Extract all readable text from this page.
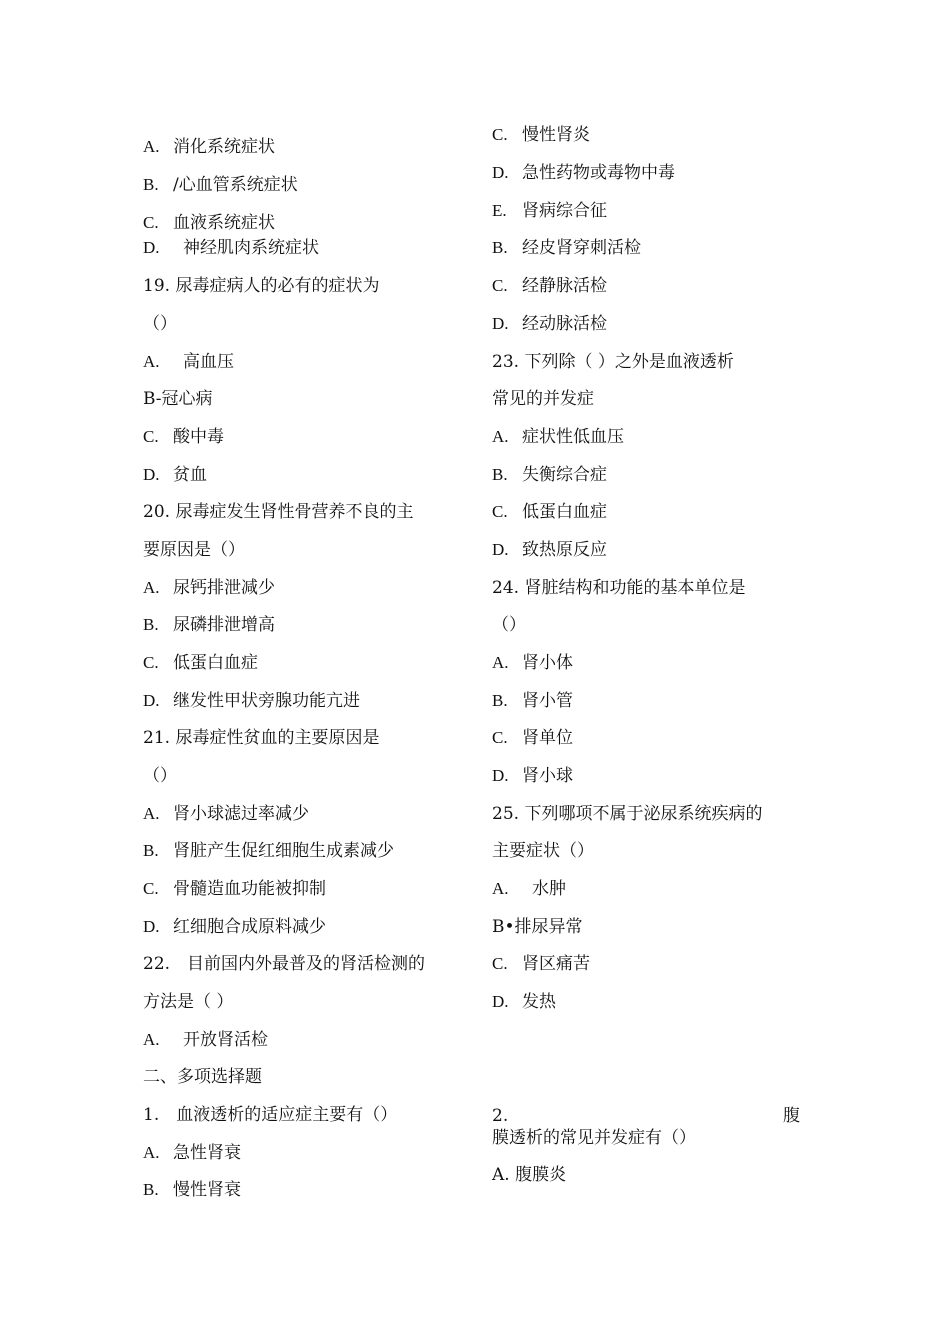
A. 消化系统症状
B. /心血管系统症状
C. 血液系统症状
D. 神经肌肉系统症状
19. 尿毒症病人的必有的症状为
（）
A. 高血压
B-冠心病
C. 酸中毒
D. 贫血
20. 尿毒症发生肾性骨营养不良的主
要原因是（）
A. 尿钙排泄减少
B. 尿磷排泄增高
C. 低蛋白血症
D. 继发性甲状旁腺功能亢进
21. 尿毒症性贫血的主要原因是
（）
A. 肾小球滤过率减少
B. 肾脏产生促红细胞生成素减少
C. 骨髓造血功能被抑制
D. 红细胞合成原料减少
22.　目前国内外最普及的肾活检测的
方法是（ ）
A. 开放肾活检
二、多项选择题
1.　血液透析的适应症主要有（）
A. 急性肾衰
B. 慢性肾衰
C. 慢性肾炎
D. 急性药物或毒物中毒
E. 肾病综合征
B. 经皮肾穿刺活检
C. 经静脉活检
D. 经动脉活检
23. 下列除（ ）之外是血液透析
常见的并发症
A. 症状性低血压
B. 失衡综合症
C. 低蛋白血症
D. 致热原反应
24. 肾脏结构和功能的基本单位是
（）
A. 肾小体
B. 肾小管
C. 肾单位
D. 肾小球
25. 下列哪项不属于泌尿系统疾病的
主要症状（）
A. 水肿
B•排尿异常
C. 肾区痛苦
D. 发热
2.	腹
膜透析的常见并发症有（）
A. 腹膜炎
